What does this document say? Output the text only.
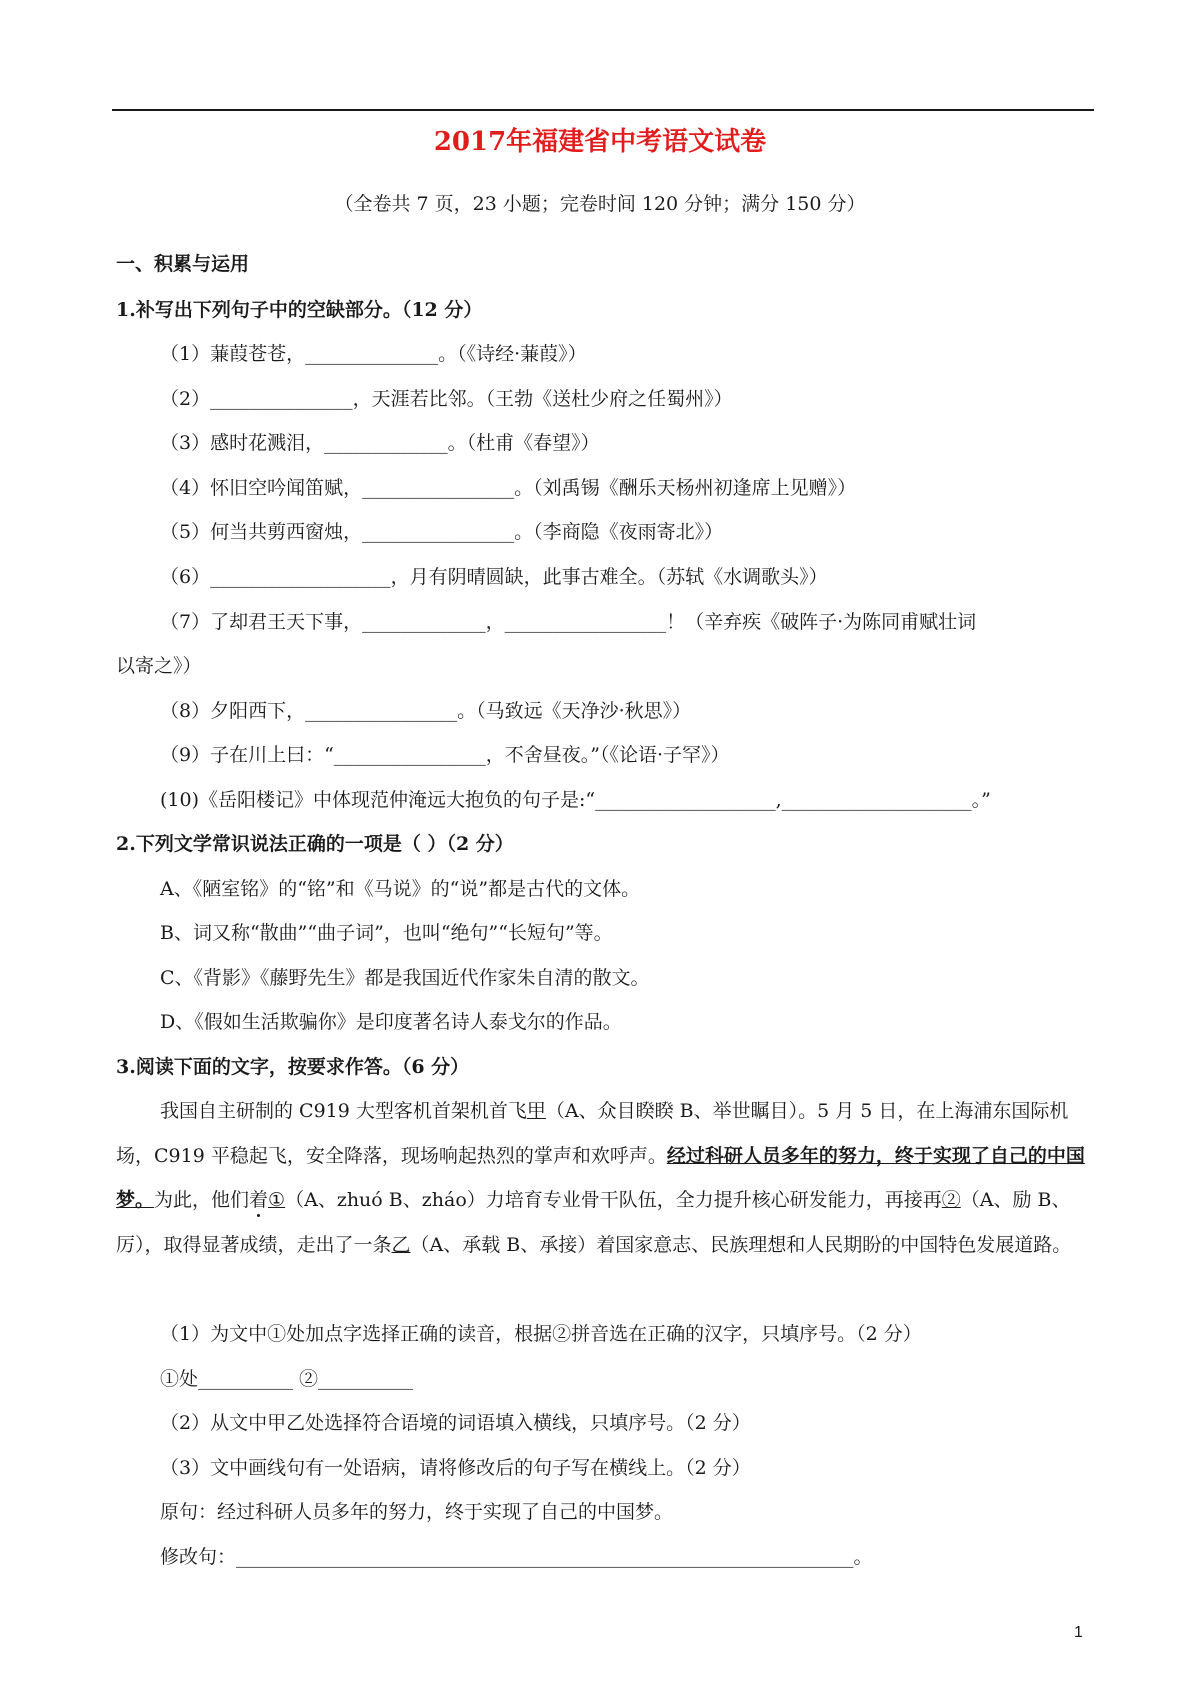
2017年福建省中考语文试卷
（全卷共 7 页，23 小题；完卷时间 120 分钟；满分 150 分）
一、积累与运用
1.补写出下列句子中的空缺部分。（12 分）
（1）蒹葭苍苍，______________。（《诗经·蒹葭》）
（2）_______________，天涯若比邻。（王勃《送杜少府之任蜀州》）
（3）感时花溅泪，_____________。（杜甫《春望》）
（4）怀旧空吟闻笛赋，________________。（刘禹锡《酬乐天杨州初逢席上见赠》）
（5）何当共剪西窗烛，________________。（李商隐《夜雨寄北》）
（6）___________________，月有阴晴圆缺，此事古难全。（苏轼《水调歌头》）
（7）了却君王天下事，_____________，_________________！（辛弃疾《破阵子·为陈同甫赋壮词
以寄之》）
（8）夕阳西下，________________。（马致远《天净沙·秋思》）
（9）子在川上曰：“________________，不舍昼夜。”（《论语·子罕》）
(10)《岳阳楼记》中体现范仲淹远大抱负的句子是:“___________________,____________________。”
2.下列文学常识说法正确的一项是（ ）（2 分）
A、《陋室铭》的“铭”和《马说》的“说”都是古代的文体。
B、词又称“散曲”“曲子词”，也叫“绝句”“长短句”等。
C、《背影》《藤野先生》都是我国近代作家朱自清的散文。
D、《假如生活欺骗你》是印度著名诗人泰戈尔的作品。
3.阅读下面的文字，按要求作答。（6 分）
我国自主研制的 C919 大型客机首架机首飞甲（A、众目睽睽 B、举世瞩目）。5 月 5 日，在上海浦东国际机场，C919 平稳起飞，安全降落，现场响起热烈的掌声和欢呼声。经过科研人员多年的努力，终于实现了自己的中国梦。为此，他们着①（A、zhuó B、zháo）力培育专业骨干队伍，全力提升核心研发能力，再接再②（A、励 B、厉），取得显著成绩，走出了一条乙（A、承载 B、承接）着国家意志、民族理想和人民期盼的中国特色发展道路。
（1）为文中①处加点字选择正确的读音，根据②拼音选在正确的汉字，只填序号。（2 分）
①处__________ ②__________
（2）从文中甲乙处选择符合语境的词语填入横线，只填序号。（2 分）
（3）文中画线句有一处语病，请将修改后的句子写在横线上。（2 分）
原句：经过科研人员多年的努力，终于实现了自己的中国梦。
修改句：_________________________________________________________________。
1
